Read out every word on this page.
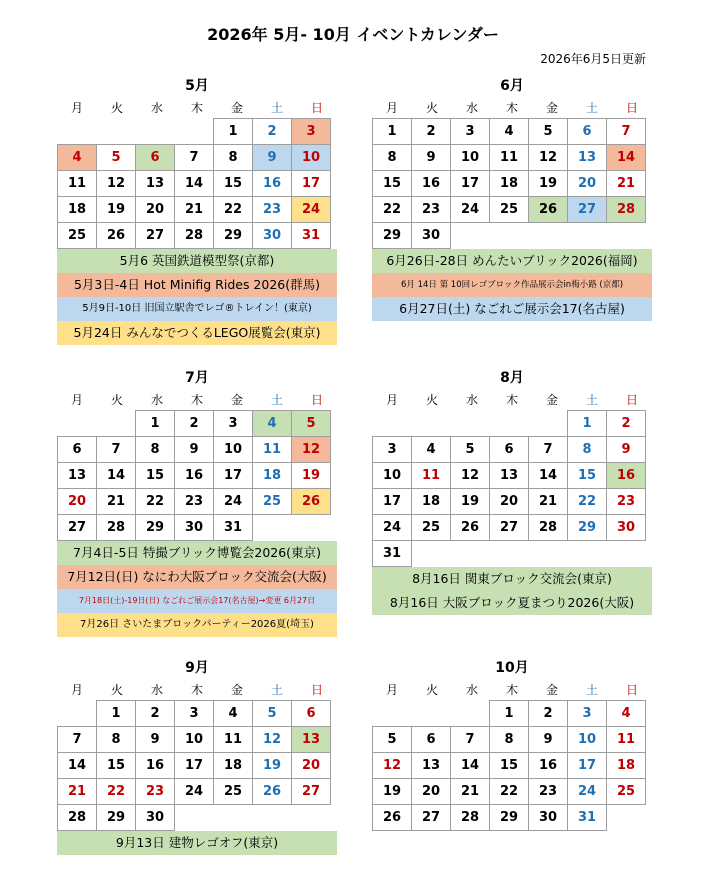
2026年 5月- 10月 イベントカレンダー
2026年6月5日更新
5月
月	火	水	木	金	土	日
				1	2	3
4	5	6	7	8	9	10
11	12	13	14	15	16	17
18	19	20	21	22	23	24
25	26	27	28	29	30	31
5月6 英国鉄道模型祭(京都)
5月3日-4日 Hot Minifig Rides 2026(群馬)
5月9日-10日 旧国立駅舎でレゴ®トレイン！(東京)
5月24日 みんなでつくるLEGO展覧会(東京)
6月
月	火	水	木	金	土	日
1	2	3	4	5	6	7
8	9	10	11	12	13	14
15	16	17	18	19	20	21
22	23	24	25	26	27	28
29	30					
6月26日-28日 めんたいブリック2026(福岡)
6月 14日 第 10回レゴブロック作品展示会in梅小路 (京都)
6月27日(土) なごれご展示会17(名古屋)
7月
月	火	水	木	金	土	日
		1	2	3	4	5
6	7	8	9	10	11	12
13	14	15	16	17	18	19
20	21	22	23	24	25	26
27	28	29	30	31		
7月4日-5日 特撮ブリック博覧会2026(東京)
7月12日(日) なにわ大阪ブロック交流会(大阪)
7月18日(土)-19日(日) なごれご展示会17(名古屋)→変更 6月27日
7月26日 さいたまブロックパーティー2026夏(埼玉)
8月
月	火	水	木	金	土	日
					1	2
3	4	5	6	7	8	9
10	11	12	13	14	15	16
17	18	19	20	21	22	23
24	25	26	27	28	29	30
31						
8月16日 関東ブロック交流会(東京)
8月16日 大阪ブロック夏まつり2026(大阪)
9月
月	火	水	木	金	土	日
	1	2	3	4	5	6
7	8	9	10	11	12	13
14	15	16	17	18	19	20
21	22	23	24	25	26	27
28	29	30				
9月13日 建物レゴオフ(東京)
10月
月	火	水	木	金	土	日
			1	2	3	4
5	6	7	8	9	10	11
12	13	14	15	16	17	18
19	20	21	22	23	24	25
26	27	28	29	30	31	
